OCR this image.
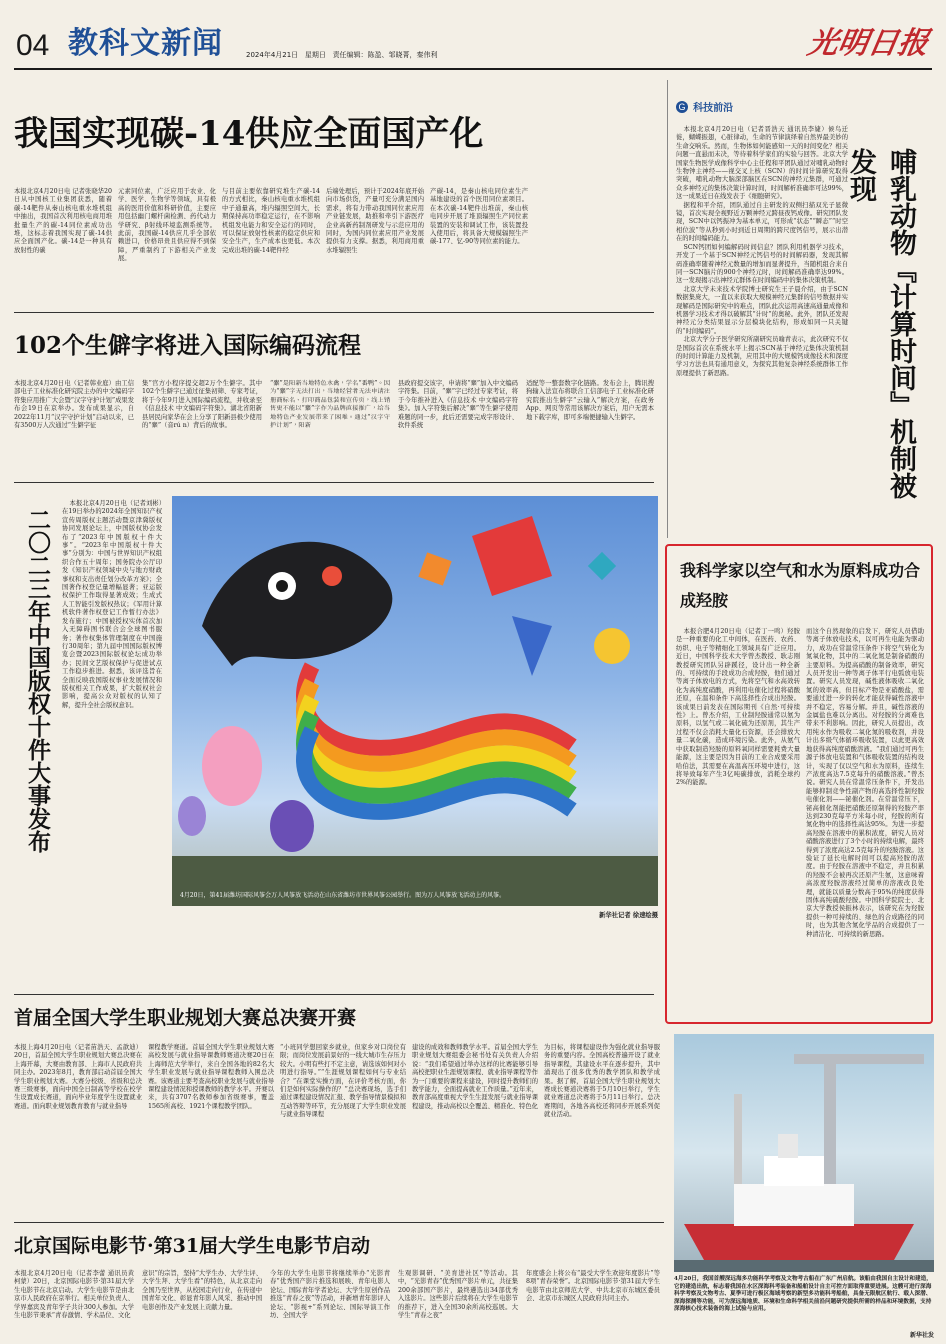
04 教科文新闻	2024年4月21日 星期日 责任编辑：陈盈、邹晓菁，秦伟利	光明日报
我国实现碳-14供应全面国产化
本报北京4月20日电 记者张晓华20日从中国核工业集团获悉，随着碳-14靶件从秦山核电重水堆机组中抽出，我国首次利用核电商用堆批量生产的碳-14同位素成功出堆，这标志着我国实现了碳-14供应全面国产化。碳-14是一种具有放射性的碳
元素同位素，广泛应用于农业、化学、医学、生物学等领域，具有极高的医用价值和科研价值，主要应用包括幽门螺杆菌检测、药代动力学研究、β射线环境监测系统等。此前，我国碳-14供应几乎全部依赖进口，价格昂贵且供应得不到保障，严重制约了下游相关产业发展。
与目前主要依靠研究堆生产碳-14的方式相比，秦山核电重水堆机组中子通量高，堆内辐照空间大，长期保持高功率稳定运行，在不影响机组发电能力和安全运行的同时，可以保证放射性核素的稳定供应和安全生产，生产成本也更低。本次完成出堆的碳-14靶件经
后端处理后，预计于2024年底开始向市场供货，产量可充分满足国内需求，将有力带动我国同位素应用产业链发展，助推和牵引下游医疗企业高新药制剂研发与示范应用的同时，为国内同位素应用产业发展提供有力支撑。据悉，利用商用重水堆辐照生
产碳-14，是秦山核电同位素生产基地建设的首个医用同位素项目。在本次碳-14靶件出堆前，秦山核电同步开展了堆顶辐照生产同位素装置的安装和调试工作，该装置投入使用后，将具备大规模辐照生产碳-177、钇-90等同位素的能力。
G 科技前沿

本报北京4月20日电（记者晋浩天 通讯员李婕）候鸟迁徙，蝴蝶振翅，心脏律动，生命的节律演绎着自然界最美妙的生命交响乐。然而，生物体如何能感知一天的时间变化？相关问题一直悬而未决，等待着科学家们的实验与回答。北京大学国家生物医学成像科学中心主任程和平团队通过对哺乳动物时生物钟主神经——视交叉上核（SCN）的时间计算研究取得突破，哺乳动物大脑深部脑区在SCN的神经元集群，可通过众多神经元的集体决策计算时间，时间解析准确率可达99%，这一成果近日在线发表于《细胞研究》。

据程和平介绍，团队通过自主研发的双侧扫描双光子显微镜，首次实现全视野近万颗神经元跨昼夜钙成像。研究团队发现，SCN中以钙振冲为基本单元，可形成“状态”“瞬态”“时空相位波”等从秒到小时到近日周期的跨尺度钙信号，展示出潜在的时间编码能力。

SCN钙团如何编解码时间信息？团队利用机器学习技术，开发了一个基于SCN神经元钙信号的时间解码器，发现其解码准确率随着神经元数量的增加而显著提升，当随机组合来自同一SCN脑片的900个神经元时，时间解码准确率达99%。这一发现揭示出神经元群体在时间编码中的集体决策机制。

北京大学未来技术学院博士研究生王子晨介绍，由于SCN数据集庞大，一直以来获取大规模神经元集群的信号数据并实现解码是国际研究中的难点，团队此次运用高速高通量成像和机器学习技术才得以破解其“计时”的奥秘。此外，团队还发现神经元分类结果显示分层模块化结构，形成如同一只关键的“时间编码”。

北京大学分子医学研究所副研究员喻青表示，此次研究不仅是国际首次在系统水平上揭示SCN基于神经元集体决策机制的时间计算能力及机制，应用其中的大规模钙成像技术和深度学习方法也具有通用意义，为探究其他复杂神经系统群体工作原理提供了新思路。	哺乳动物『计算时间』机制被发现
102个生僻字将进入国际编码流程
本报北京4月20日电（记者韩业庭）由工信部电子工业标准化研究院主办的中文编码字符集应用推广大会暨“汉字守护计划”成果发布会19日在京举办。发布成果显示，自2022年11月“汉字守护计划”启动以来，已有3500万人次通过“生僻字征
集”官方小程序提交超2万个生僻字。其中102个生僻字已通过征集初筛、专家考证，将于今年9月进入国际编码流程，并收录至《信息技术 中文编码字符集》。湖北省阳新县居民向家华在会上分享了阳新县极少使用的“𠆟”（音rú n）背后的故事。
“𠆟”是阳新当地特色水禽，学名“番鸭”。因为“𠆟”字无法打出，当地经营者无法申请注册商标名、打印商品包装和宣传页，线上销售更不能以“𠆟”字作为品牌直接推广，给当地特色产业发展带来了困难。通过“汉字守护计划”，阳新
县政府提交该字，申请将“𠆟”加入中文编码字符集。目前，“𠆟”字已经过专家考证，将于今年推补进入《信息技术 中文编码字符集》。加入字符集后解决“𠆟”等生僻字使用难题的同一步，此后还需要完成字形设计、软件系统
适配等一整套数字化链路。发布会上，腾讯搜狗输入法宣布将联合工信部电子工业标准化研究院推出生僻字“云输入”解决方案，在政务App、网页等常用该解决方案后，用户无需本地下载字库，即可多端便捷输入生僻字。
二〇二三年中国版权十件大事发布
本报北京4月20日电（记者刘彬）在19日举办的2024年全国知识产权宣传周版权主题活动暨京津冀版权协同发展论坛上，中国版权协会发布了“2023年中国版权十件大事”。“2023年中国版权十件大事”分别为：中国与世界知识产权组织合作五十周年；国务院办公厅印发《知识产权领域中央与地方财政事权和支出责任划分改革方案》；全国著作权登记量增幅显著；亚运版权保护工作取得显著成效；生成式人工智能引发版权热议；《军用计算机软件著作权登记工作暂行办法》发布施行；中国被授权实体首次加入无障碍图书联合会全球图书服务；著作权集体管理制度在中国施行30周年；第九届中国国际版权博览会暨2023国际版权论坛成功举办；民间文艺版权保护与促进试点工作稳步推进。据悉，该评选旨在全面反映我国版权事业发展情况和版权相关工作成果，扩大版权社会影响，提高公众对版权的认知了解，提升全社会版权意识。
4月20日，第41届潍坊国际风筝会万人风筝放飞活动在山东省潍坊市世界风筝公园举行。图为万人风筝放飞活动上的风筝。
新华社记者 徐速绘摄
我科学家以空气和水为原料成功合成羟胺
本报合肥4月20日电（记者丁一鸣）羟胺是一种重要的化工中间体，在医药、农药、纺织、电子等精细化工领域具有广泛应用。近日，中国科学技术大学曾杰教授、耿志刚教授研究团队另辟蹊径，设计出一种全新的、可持续的手段成功合成羟胺，他们通过等离子体放电的方式，先将空气和水高效转化为高纯度硝酸，再利用电催化过程将硝酸还原，在温和条件下高选择性合成出羟胺。该成果日前发表在国际期刊《自然·可持续性》上。曾杰介绍，工业制羟胺通常以氨为原料，以氢气或二氧化硫为还原剂，其生产过程不仅会消耗大量化石资源，还会排放大量二氧化碳，造成环境污染。此外，从氨气中获取制造羟胺的原料氧同样需要耗费大量能源，这主要是因为目前的工业合成要采用哈伯法，其需要在高温高压环境中进行，这将导致每年产生3亿吨碳排放，消耗全球约2%的能源。
而这个自然现象的启发下，研究人员借助等离子体放电技术，以可再生电能为驱动力，成功在常温常压条件下将空气转化为氮氧化物，其中的二氧化氮是制备硝酸的主要原料。为提高硝酸的制备效率，研究人员开发出一种等离子体平行电弧放电装置。研究人员发现，碱性液体吸收二氧化氮的效率高，但目标产物是亚硝酸盐，需要通过进一步的转化才能获得碱性溶液中并不稳定，容易分解。并且，碱性溶液的金属盐也难以分离出。对羟胺的分离难也带来不利影响。因此，研究人员提出，改用纯水作为吸收二氧化氮的吸收剂，并设计出多级气体循环吸收装置，以此更高效地获得高纯度硝酸溶液。“我们通过可再生源子体放电装置和气体吸收装置的结构设计，实现了仅以空气和水为原料，连续生产浓度高达7.5克每升的硝酸溶液。”曾杰说。研究人员在常温常压条件下，开发出能够抑制竞争性副产物的高选择性制羟胺电催化剂——铋催化剂。在常温常压下，铋高催化剂能把硝酸还原制得的羟胺产率达到230克每平方米每小时，羟胺的所有氮化物中的选择性高达95%。为进一步提高羟胺在溶液中的累积浓度，研究人员对硝酸溶液进行了3个小时的持续电解，最终得到了浓度高达2.5克每升的羟胺溶液。这验证了延长电解时间可以提高羟胺的浓度。由于羟胺在溶液中不稳定，并且积累的羟胺不会被再次还原产生氨，这意味着高浓度羟胺溶液经过简单的溶液改良处理，就能以质量分数高于95%的纯度获得固体高纯硫酸羟胺。中国科学院院士、北京大学教授侯振林表示，该研究在为羟胺提供一种可持续的、绿色的合成路径的同时，也为其他含氮化学品的合成提供了一种清洁化、可持续的新思路。
首届全国大学生职业规划大赛总决赛开赛
本报上海4月20日电（记者苗浩天、孟歆迪）20日，首届全国大学生职业规划大赛总决赛在上海开幕，大赛由教育部、上海市人民政府共同主办。2023年8月，教育部启动首届全国大学生职业规划大赛。大赛分校级、省级和总决赛三级赛事，面向中国全日制高等学校在校学生设置成长赛道，面向毕业年度学生设置就业赛道。面向职业规划教育教育与就业指导
课程教学赛道。首届全国大学生职业规划大赛高校发展与就业指导课教师赛道决赛20日在上海师范大学举行，来自全国各地的82名大学生职业发展与就业指导课程教师入围总决赛。该赛道主要考查高校职业发展与就业指导课程建设情况和授课教师的教学水平。开赛以来，共有3707名教师参加省级赛事，覆盖1565所高校、1921个课程教学团队。
“小班同学想回家乡就业，但家乡对口岗位有限；而岗位发展前景好的一线大城市生存压力较大。小明有些打不定主意，请选该如何对小明进行指导。”“生涯规划课程如何与专业结合？”在课堂实操方面，在评价考核方面，你们是如何实际操作的？”总决赛现场，选手们通过课程建设情况汇报、教学指导情景模拟和互动答辩等环节，充分展现了大学生职业发展与就业指导课程
建设的成效和教师教学水平。首届全国大学生职业规划大赛组委会秘书处有关负责人介绍说：“我们希望通过举办这样的比赛能够引导高校把职业生涯规划课程、就业指导课程等作为一门重要的课程来建设，同时提升教师们的教学能力，全面提高就业工作质量。”近年来，教育部高度重视大学生生涯发展与就业指导课程建设，推动高校以全覆盖、精准化、特色化
为目标，将课程建设作为强化就业指导服务的重要内容。全国高校普遍开设了就业指导课程，其建设水平在逐步提升，其中涌现出了很多优秀的教学团队和教学成果。据了解，首届全国大学生职业规划大赛成长赛道决赛将于5月10日举行，学生就业赛道总决赛将于5月11日举行。总决赛期间，各地各高校还将同步开展系列促就业活动。
北京国际电影节·第31届大学生电影节启动
本报北京4月20日电（记者李蕾 通讯员黄柯蒙）20日，北京国际电影节·第31届大学生电影节在北京启动。大学生电影节是由北京市人民政府在京举行。相关单位负责人、学界嘉宾及青年学子共计300人参加。大学生电影节秉承“青春激情、学术品位、文化
意识”的宗旨，坚持“大学生办、大学生评、大学生拜、大学生看”的特色，从北京走向全国乃至世界，从校园走向行业，在传递中国青年文化、彰显青年影人风采、推动中国电影创作及产业发展上贡献力量。
今年的大学生电影节将继续举办“光影青春”优秀国产影片推选和展映、青年电影人论坛、国际青年学者论坛、大学生原创作品推选“青春之夜”等活动，并新增青年影评人论坛、“影视+”系列论坛、国际导演工作坊、全国大学
生观影调研、“美育进社区”等活动。其中，“光影青春”优秀国产影片单元，共征集200余部国产影片，最终遴选出34部优秀入选影片。这些影片后续将在大学生电影节的推荐下，进入全国30余所高校巡展。大学生“青春之夜”
年度盛会上将公布“最受大学生欢迎年度影片”等8项“青春荣誉”。北京国际电影节·第31届大学生电影节由北京师范大学、中共北京市东城区委员会、北京市东城区人民政府共同主办。
4月20日，我国首艘深远海多功能科学考察及文物考古船在广东广州启航。该船由我国自主设计和建造，它的建造出航，标志着我国在水区深海科考装备和船舶设计自主可控方面取得重要进展。这艘可进行深海科学考察及文物考古、夏季可进行极区海域考察的新型多功能科考船舶，具备无限航区航行、载人深潜、深海探测等功能，可为深远海地质、环境和生命科学相关前沿问题研究提供所需的样品和环境数据，支持深海核心技术装备的海上试验与应用。
新华社发
